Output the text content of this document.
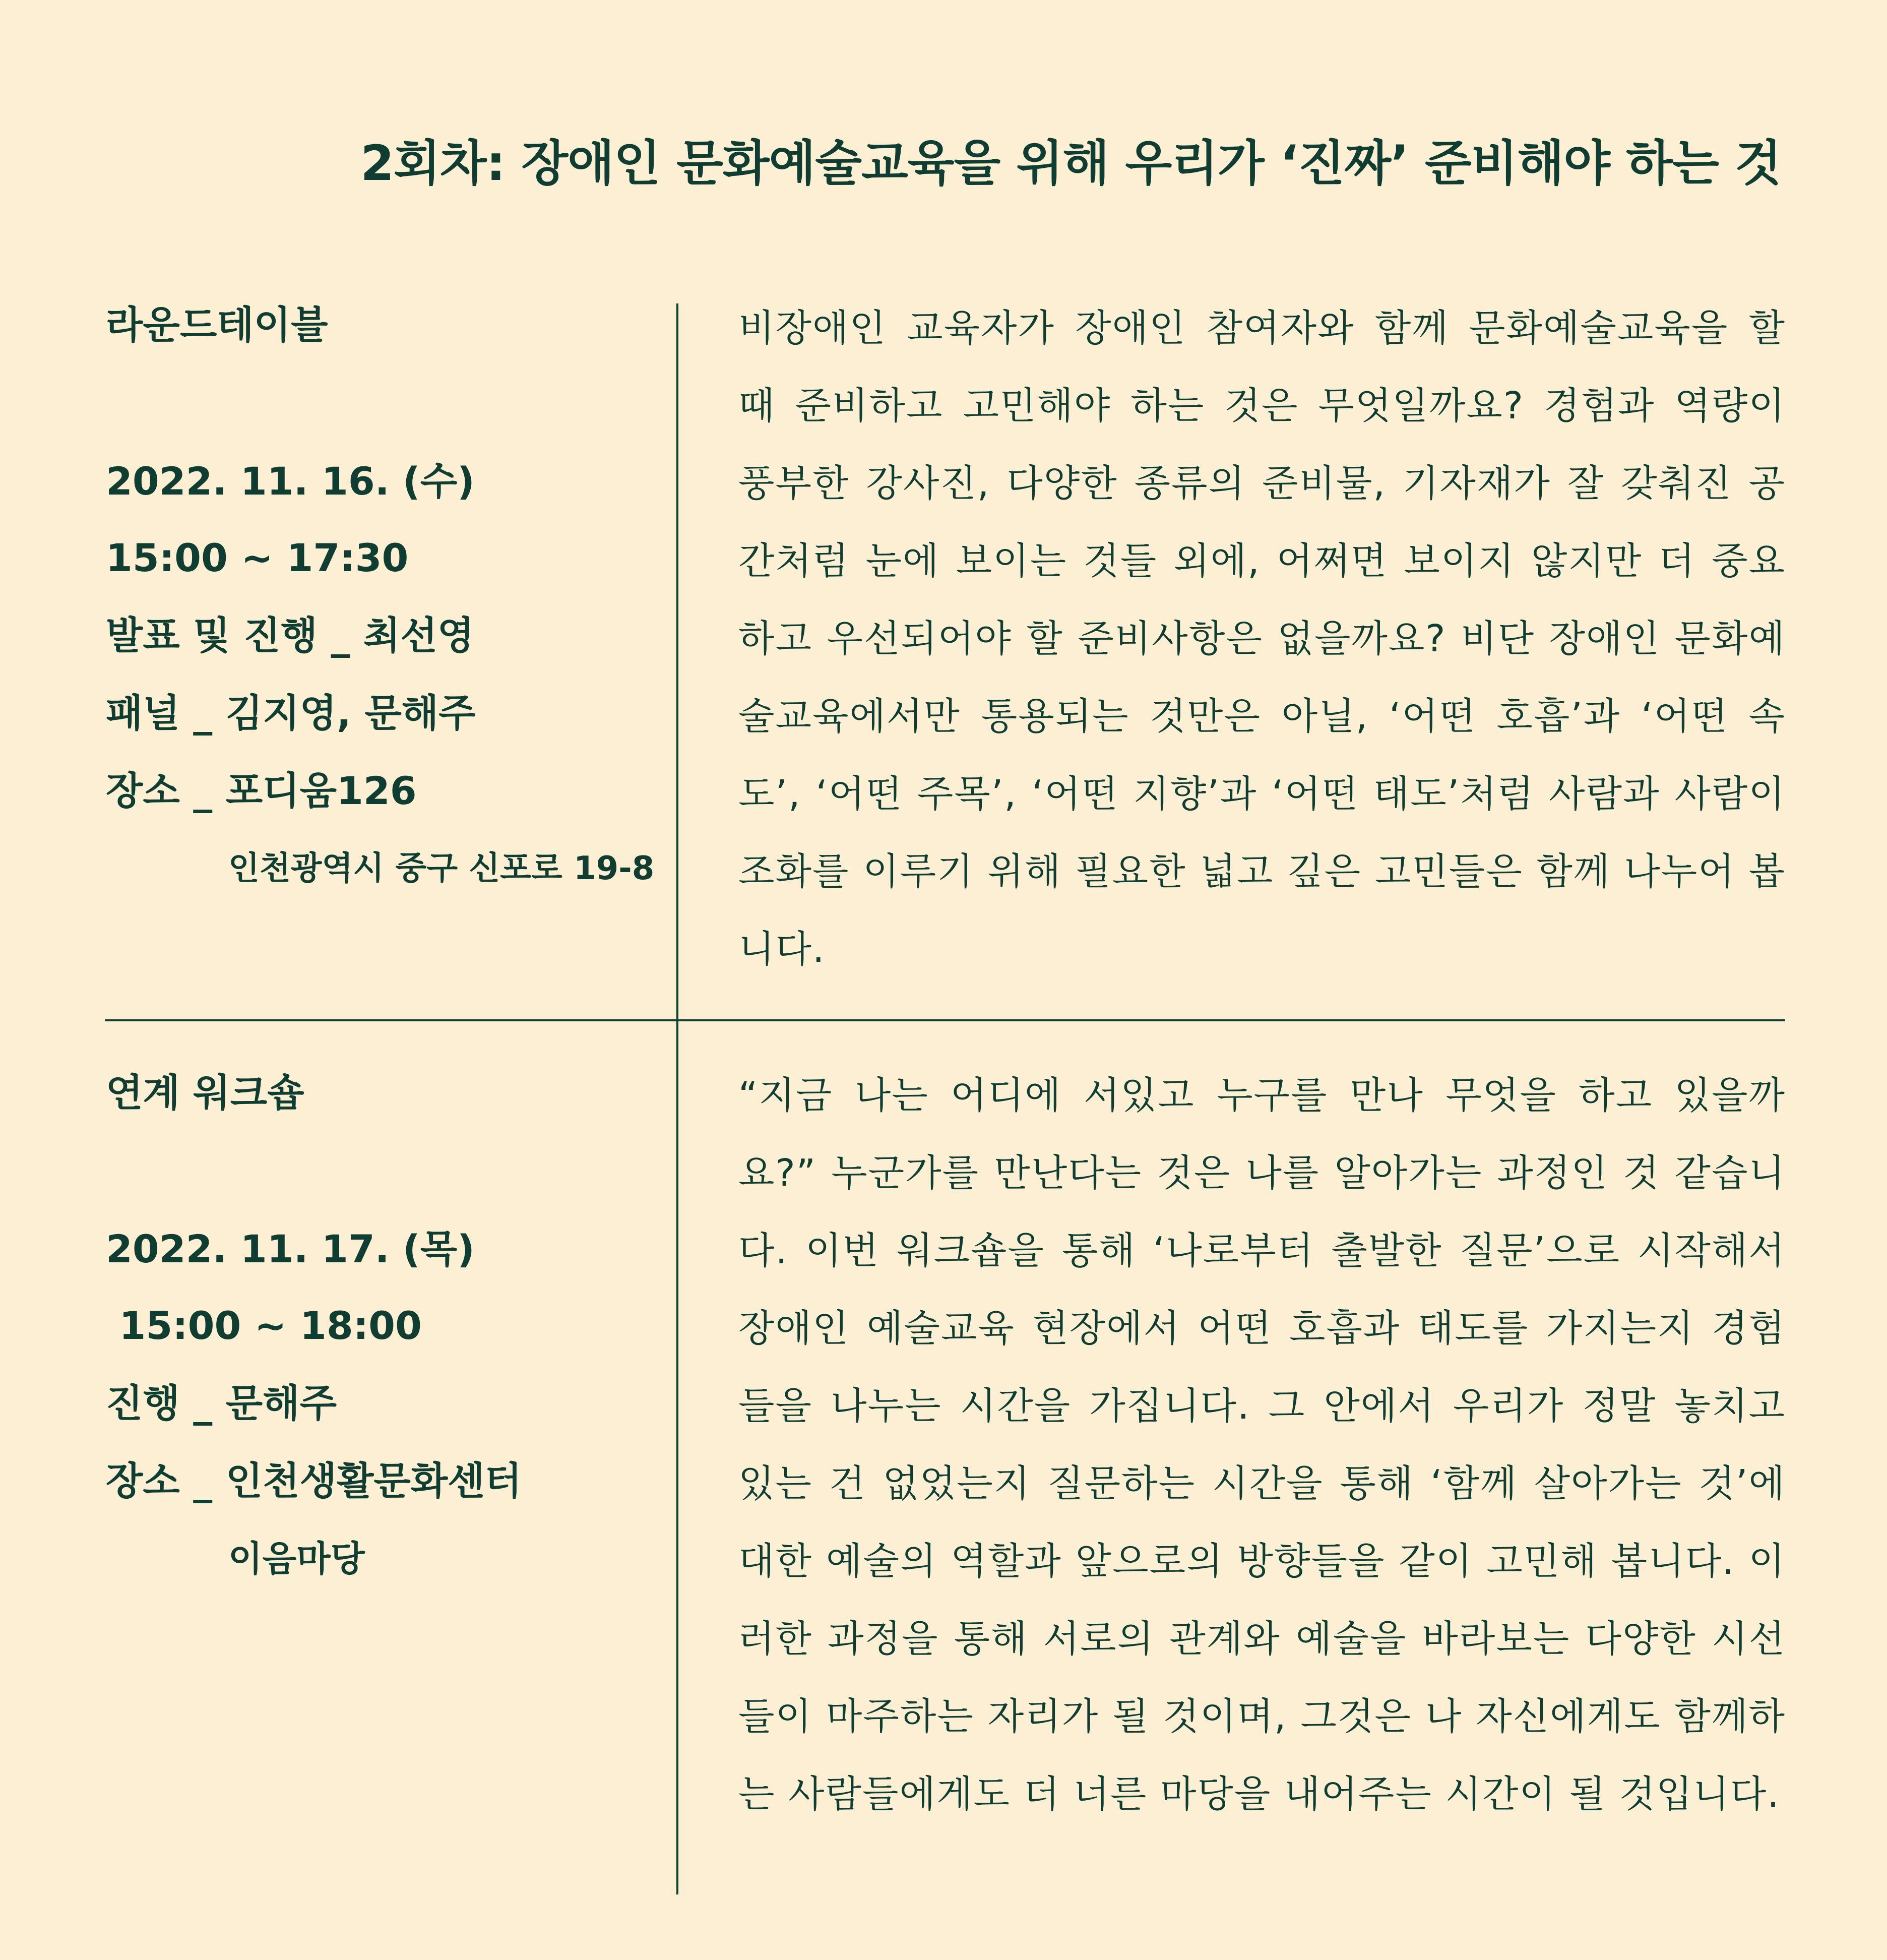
2회차: 장애인 문화예술교육을 위해 우리가 ‘진짜’ 준비해야 하는 것
라운드테이블
2022. 11. 16. (수)
15:00 ~ 17:30
발표 및 진행 _ 최선영
패널 _ 김지영, 문해주
장소 _ 포디움126
인천광역시 중구 신포로 19-8

비장애인 교육자가 장애인 참여자와 함께 문화예술교육을 할 때 준비하고 고민해야 하는 것은 무엇일까요? 경험과 역량이 풍부한 강사진, 다양한 종류의 준비물, 기자재가 잘 갖춰진 공간처럼 눈에 보이는 것들 외에, 어쩌면 보이지 않지만 더 중요하고 우선되어야 할 준비사항은 없을까요? 비단 장애인 문화예술교육에서만 통용되는 것만은 아닐, ‘어떤 호흡’과 ‘어떤 속도’, ‘어떤 주목’, ‘어떤 지향’과 ‘어떤 태도’처럼 사람과 사람이 조화를 이루기 위해 필요한 넓고 깊은 고민들은 함께 나누어 봅니다.

연계 워크숍
2022. 11. 17. (목)
15:00 ~ 18:00
진행 _ 문해주
장소 _ 인천생활문화센터
이음마당

“지금 나는 어디에 서있고 누구를 만나 무엇을 하고 있을까요?” 누군가를 만난다는 것은 나를 알아가는 과정인 것 같습니다. 이번 워크숍을 통해 ‘나로부터 출발한 질문’으로 시작해서 장애인 예술교육 현장에서 어떤 호흡과 태도를 가지는지 경험들을 나누는 시간을 가집니다. 그 안에서 우리가 정말 놓치고 있는 건 없었는지 질문하는 시간을 통해 ‘함께 살아가는 것’에 대한 예술의 역할과 앞으로의 방향들을 같이 고민해 봅니다. 이러한 과정을 통해 서로의 관계와 예술을 바라보는 다양한 시선들이 마주하는 자리가 될 것이며, 그것은 나 자신에게도 함께하는 사람들에게도 더 너른 마당을 내어주는 시간이 될 것입니다.
